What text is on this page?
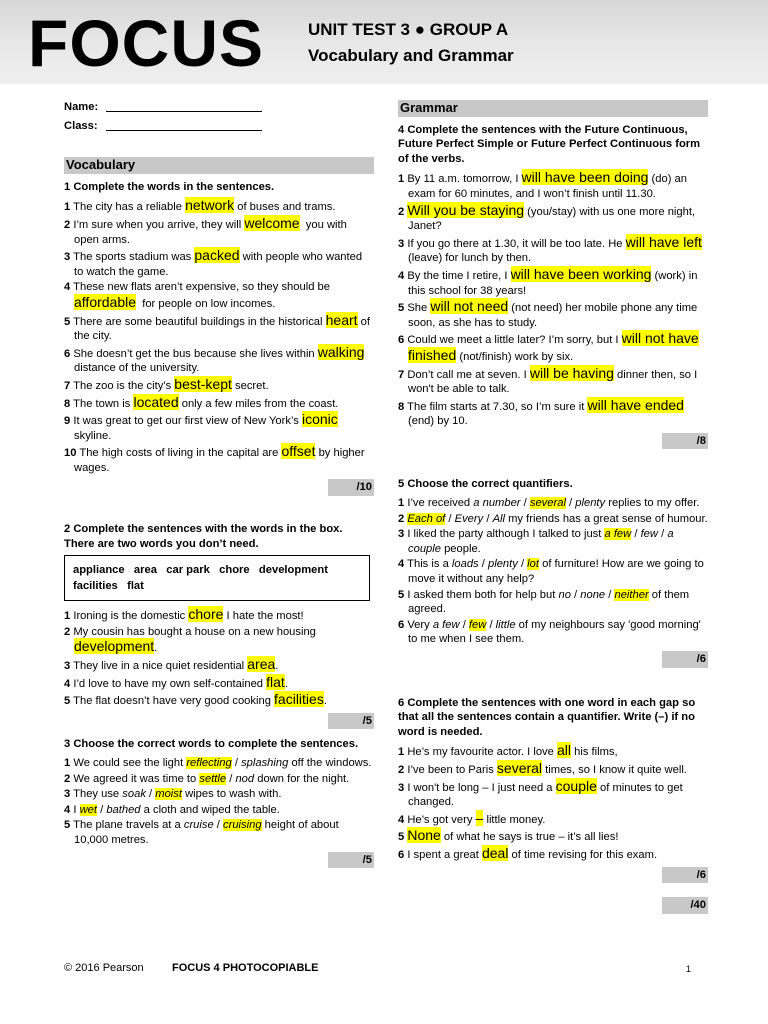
FOCUS	UNIT TEST 3 ● GROUP A
Vocabulary and Grammar
Name:
Class:
Vocabulary
1 Complete the words in the sentences.
1 The city has a reliable network of buses and trams.
2 I’m sure when you arrive, they will welcome  you with open arms.
3 The sports stadium was packed with people who wanted to watch the game.
4 These new flats aren’t expensive, so they should be affordable  for people on low incomes.
5 There are some beautiful buildings in the historical heart of the city.
6 She doesn’t get the bus because she lives within walking  distance of the university.
7 The zoo is the city’s best-kept secret.
8 The town is located only a few miles from the coast.
9 It was great to get our first view of New York’s iconic skyline.
10 The high costs of living in the capital are offset by higher wages.
/10
2 Complete the sentences with the words in the box. There are two words you don’t need.
appliance   area   car park   chore   development
facilities   flat
1 Ironing is the domestic chore I hate the most!
2 My cousin has bought a house on a new housing development.
3 They live in a nice quiet residential area.
4 I’d love to have my own self-contained flat.
5 The flat doesn’t have very good cooking facilities.
/5
3 Choose the correct words to complete the sentences.
1 We could see the light reflecting / splashing off the windows.
2 We agreed it was time to settle / nod down for the night.
3 They use soak / moist wipes to wash with.
4 I wet / bathed a cloth and wiped the table.
5 The plane travels at a cruise / cruising height of about 10,000 metres.
/5
Grammar
4 Complete the sentences with the Future Continuous, Future Perfect Simple or Future Perfect Continuous form of the verbs.
1 By 11 a.m. tomorrow, I will have been doing (do) an exam for 60 minutes, and I won’t finish until 11.30.
2 Will you be staying (you/stay) with us one more night, Janet?
3 If you go there at 1.30, it will be too late. He will have left (leave) for lunch by then.
4 By the time I retire, I will have been working (work) in this school for 38 years!
5 She will not need (not need) her mobile phone any time soon, as she has to study.
6 Could we meet a little later? I’m sorry, but I will not have finished (not/finish) work by six.
7 Don’t call me at seven. I will be having dinner then, so I won't be able to talk.
8 The film starts at 7.30, so I’m sure it will have ended (end) by 10.
/8
5 Choose the correct quantifiers.
1 I’ve received a number / several / plenty replies to my offer.
2 Each of / Every / All my friends has a great sense of humour.
3 I liked the party although I talked to just a few / few / a couple people.
4 This is a loads / plenty / lot of furniture! How are we going to move it without any help?
5 I asked them both for help but no / none / neither of them agreed.
6 Very a few / few / little of my neighbours say 'good morning' to me when I see them.
/6
6 Complete the sentences with one word in each gap so that all the sentences contain a quantifier. Write (–) if no word is needed.
1 He’s my favourite actor. I love all his films,
2 I’ve been to Paris several times, so I know it quite well.
3 I won't be long – I just need a couple of minutes to get changed.
4 He’s got very – little money.
5 None of what he says is true – it’s all lies!
6 I spent a great deal of time revising for this exam.
/6
/40
© 2016 Pearson	FOCUS 4 PHOTOCOPIABLE	1
